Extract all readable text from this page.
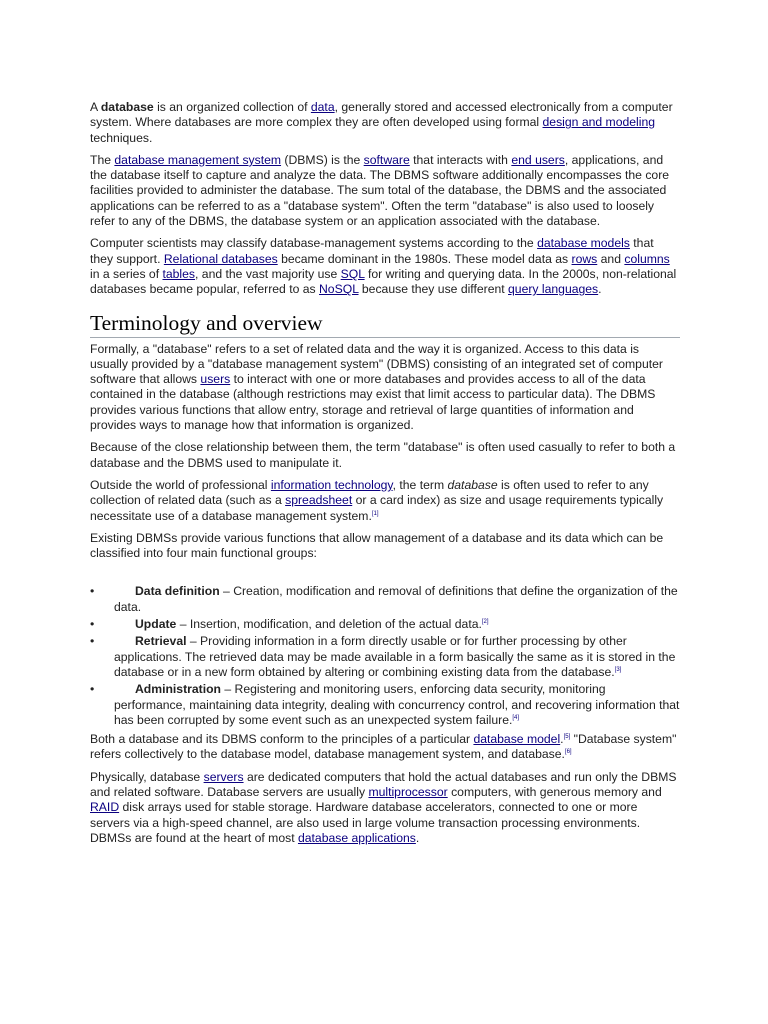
A database is an organized collection of data, generally stored and accessed electronically from a computer system. Where databases are more complex they are often developed using formal design and modeling techniques.

The database management system (DBMS) is the software that interacts with end users, applications, and the database itself to capture and analyze the data. The DBMS software additionally encompasses the core facilities provided to administer the database. The sum total of the database, the DBMS and the associated applications can be referred to as a "database system". Often the term "database" is also used to loosely refer to any of the DBMS, the database system or an application associated with the database.

Computer scientists may classify database-management systems according to the database models that they support. Relational databases became dominant in the 1980s. These model data as rows and columns in a series of tables, and the vast majority use SQL for writing and querying data. In the 2000s, non-relational databases became popular, referred to as NoSQL because they use different query languages.

Terminology and overview

Formally, a "database" refers to a set of related data and the way it is organized. Access to this data is usually provided by a "database management system" (DBMS) consisting of an integrated set of computer software that allows users to interact with one or more databases and provides access to all of the data contained in the database (although restrictions may exist that limit access to particular data). The DBMS provides various functions that allow entry, storage and retrieval of large quantities of information and provides ways to manage how that information is organized.

Because of the close relationship between them, the term "database" is often used casually to refer to both a database and the DBMS used to manipulate it.

Outside the world of professional information technology, the term database is often used to refer to any collection of related data (such as a spreadsheet or a card index) as size and usage requirements typically necessitate use of a database management system.[1]

Existing DBMSs provide various functions that allow management of a database and its data which can be classified into four main functional groups:

•	Data definition – Creation, modification and removal of definitions that define the organization of the data.
•	Update – Insertion, modification, and deletion of the actual data.[2]
•	Retrieval – Providing information in a form directly usable or for further processing by other applications. The retrieved data may be made available in a form basically the same as it is stored in the database or in a new form obtained by altering or combining existing data from the database.[3]
•	Administration – Registering and monitoring users, enforcing data security, monitoring performance, maintaining data integrity, dealing with concurrency control, and recovering information that has been corrupted by some event such as an unexpected system failure.[4]

Both a database and its DBMS conform to the principles of a particular database model.[5] "Database system" refers collectively to the database model, database management system, and database.[6]

Physically, database servers are dedicated computers that hold the actual databases and run only the DBMS and related software. Database servers are usually multiprocessor computers, with generous memory and RAID disk arrays used for stable storage. Hardware database accelerators, connected to one or more servers via a high-speed channel, are also used in large volume transaction processing environments. DBMSs are found at the heart of most database applications.
